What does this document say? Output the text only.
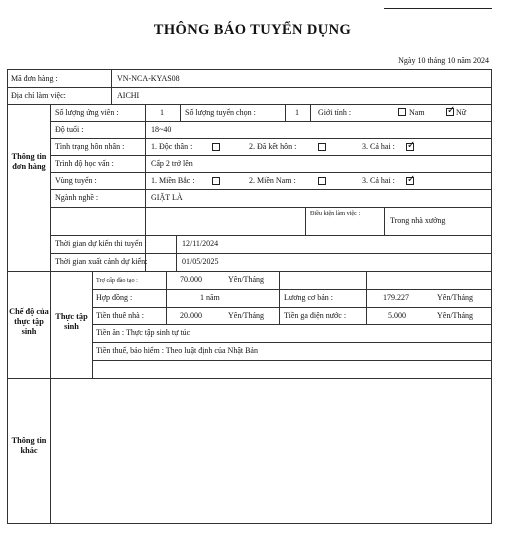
THÔNG BÁO TUYỂN DỤNG
Ngày 10 tháng 10 năm 2024
Mã đơn hàng :	VN-NCA-KYAS08
Địa chỉ làm việc:	AICHI
Thông tin đơn hàng
Chế độ của thực tập sinh
Thực tập sinh
Thông tin khác
Số lượng ứng viên :	1	Số lượng tuyển chọn :	1 Giới tính :	Nam
✓	Nữ
Độ tuổi :	18~40
Tình trạng hôn nhân :	1. Độc thân :	2. Đã kết hôn :	3. Cả hai :
✓
Trình độ học vấn :	Cấp 2 trở lên
Vùng tuyển :	1. Miền Bắc :	2. Miền Nam :	3. Cả hai :
✓
Ngành nghề :	GIẶT LÀ
Điều kiện làm việc :
Trong nhà xưởng
Thời gian dự kiến thi tuyển :	12/11/2024
Thời gian xuất cảnh dự kiến:	01/05/2025
Trợ cấp đào tạo :	70.000	Yên/Tháng
Hợp đồng :	1 năm	Lương cơ bản :	179.227	Yên/Tháng
Tiền thuê nhà :	20.000	Yên/Tháng	Tiền ga điện nước :	5.000	Yên/Tháng
Tiền ăn : Thực tập sinh tự túc
Tiền thuế, bảo hiểm : Theo luật định của Nhật Bản
